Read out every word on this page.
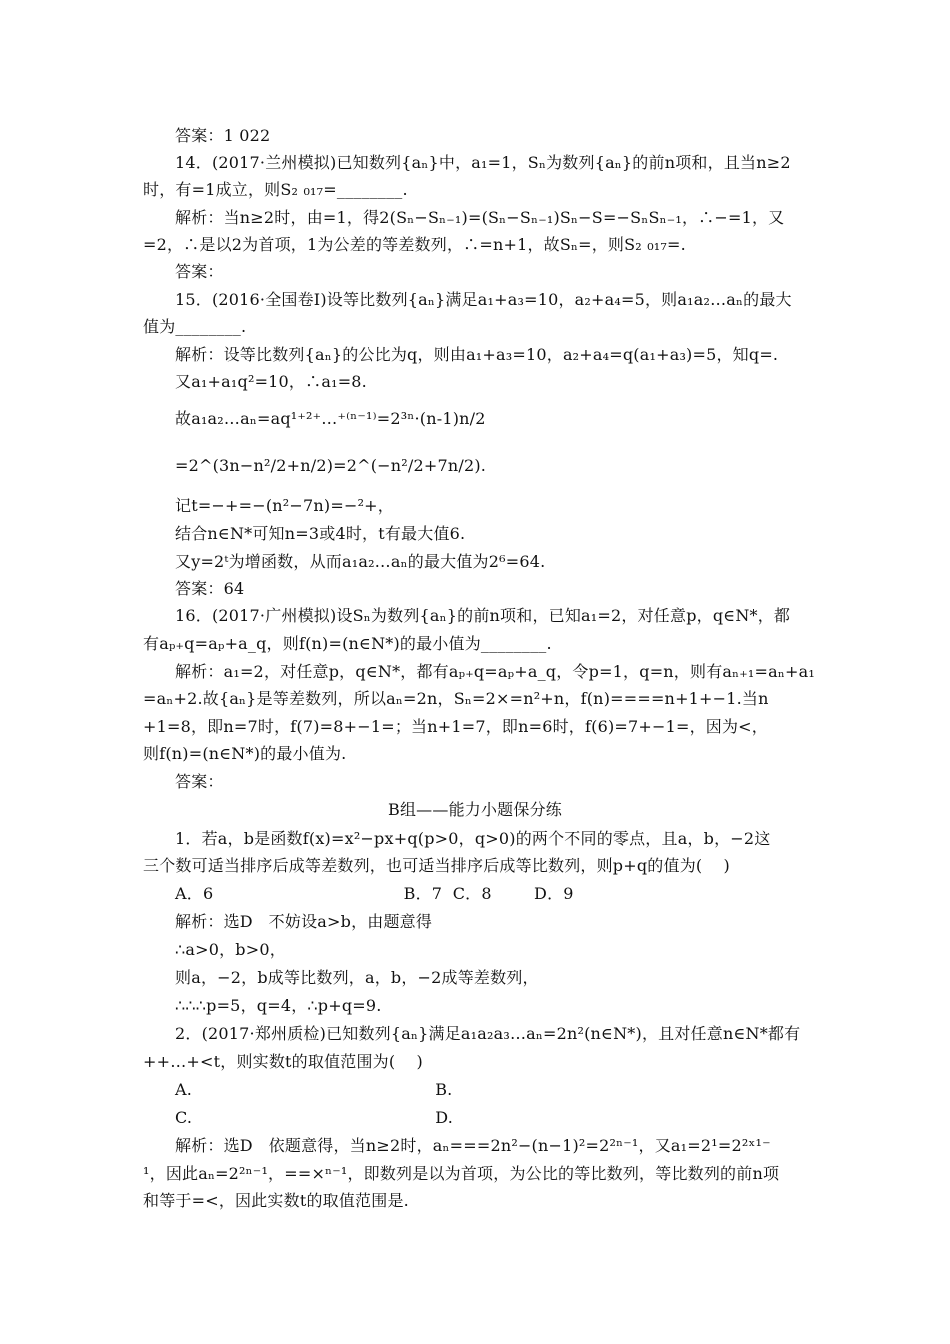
答案：1 022
14．(2017·兰州模拟)已知数列{aₙ}中，a₁=1，Sₙ为数列{aₙ}的前n项和，且当n≥2
时，有=1成立，则S₂ ₀₁₇=________.
解析：当n≥2时，由=1，得2(Sₙ−Sₙ₋₁)=(Sₙ−Sₙ₋₁)Sₙ−S=−SₙSₙ₋₁，∴−=1，又
=2，∴是以2为首项，1为公差的等差数列，∴=n+1，故Sₙ=，则S₂ ₀₁₇=.
答案：
15．(2016·全国卷Ⅰ)设等比数列{aₙ}满足a₁+a₃=10，a₂+a₄=5，则a₁a₂…aₙ的最大
值为________.
解析：设等比数列{aₙ}的公比为q，则由a₁+a₃=10，a₂+a₄=q(a₁+a₃)=5，知q=.
又a₁+a₁q²=10，∴a₁=8.
故a₁a₂…aₙ=aq¹⁺²⁺…⁺⁽ⁿ⁻¹⁾=2³ⁿ·(n-1)n/2
=2^(3n−n²/2+n/2)=2^(−n²/2+7n/2).
记t=−+=−(n²−7n)=−²+，
结合n∈N*可知n=3或4时，t有最大值6.
又y=2ᵗ为增函数，从而a₁a₂…aₙ的最大值为2⁶=64.
答案：64
16．(2017·广州模拟)设Sₙ为数列{aₙ}的前n项和，已知a₁=2，对任意p，q∈N*，都
有aₚ₊q=aₚ+a_q，则f(n)=(n∈N*)的最小值为________.
解析：a₁=2，对任意p，q∈N*，都有aₚ₊q=aₚ+a_q，令p=1，q=n，则有aₙ₊₁=aₙ+a₁
=aₙ+2.故{aₙ}是等差数列，所以aₙ=2n，Sₙ=2×=n²+n，f(n)====n+1+−1.当n
+1=8，即n=7时，f(7)=8+−1=；当n+1=7，即n=6时，f(6)=7+−1=，因为<，
则f(n)=(n∈N*)的最小值为.
答案：
B组——能力小题保分练
1．若a，b是函数f(x)=x²−px+q(p>0，q>0)的两个不同的零点，且a，b，−2这
三个数可适当排序后成等差数列，也可适当排序后成等比数列，则p+q的值为(    )
A．6                                    B．7  C．8        D．9
解析：选D   不妨设a>b，由题意得
∴a>0，b>0，
则a，−2，b成等比数列，a，b，−2成等差数列，
∴∴∴p=5，q=4，∴p+q=9.
2．(2017·郑州质检)已知数列{aₙ}满足a₁a₂a₃…aₙ=2n²(n∈N*)，且对任意n∈N*都有
++…+<t，则实数t的取值范围为(    )
A.                                              B.
C.                                              D.
解析：选D   依题意得，当n≥2时，aₙ===2n²−(n−1)²=2²ⁿ⁻¹，又a₁=2¹=2²ˣ¹⁻
¹，因此aₙ=2²ⁿ⁻¹，==×ⁿ⁻¹，即数列是以为首项，为公比的等比数列，等比数列的前n项
和等于=<，因此实数t的取值范围是.
